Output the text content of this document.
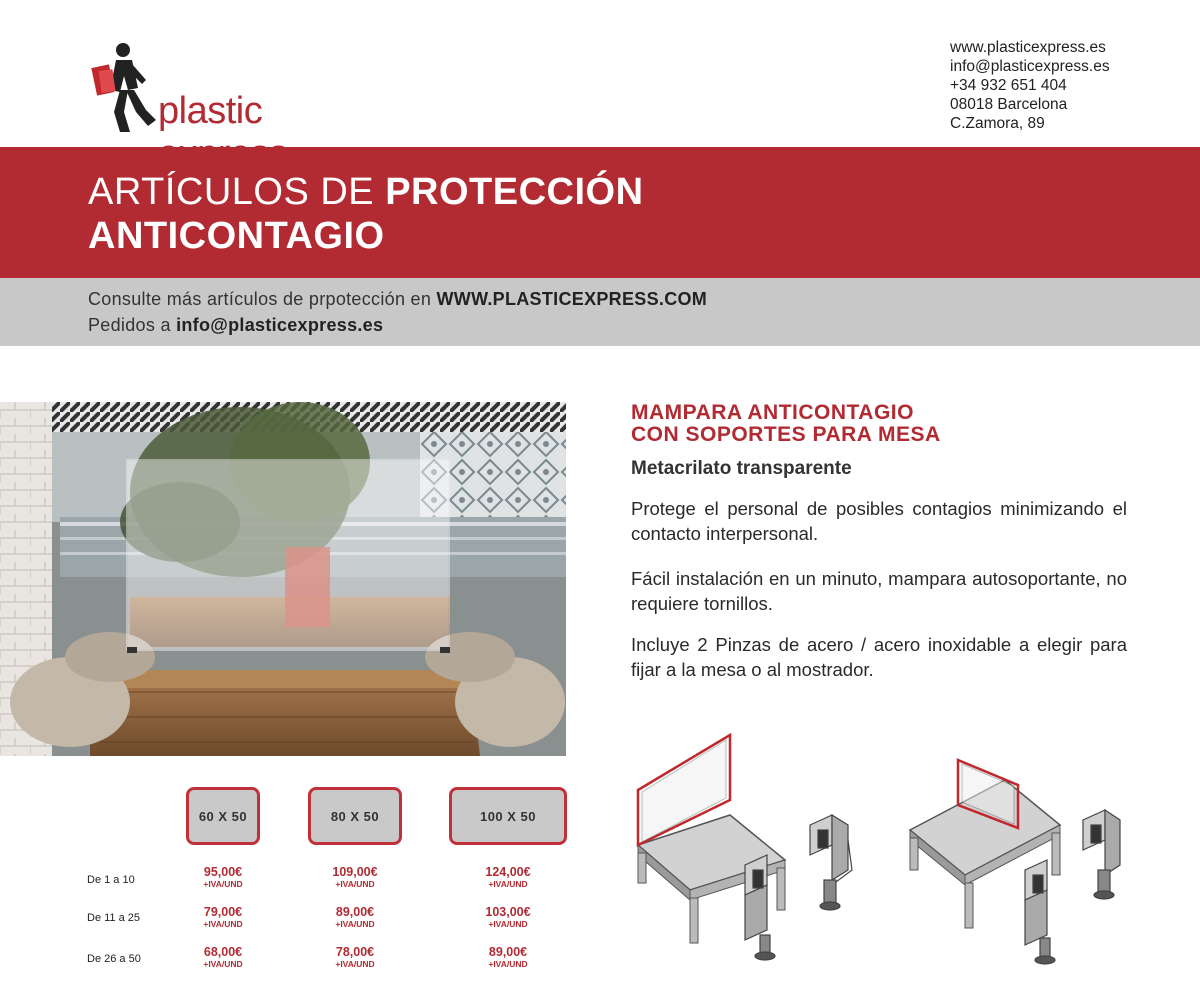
plastic
www.plasticexpress.es
info@plasticexpress.es
+34 932 651 404
08018 Barcelona
C.Zamora, 89
ARTÍCULOS DE PROTECCIÓN
ANTICONTAGIO
Consulte más artículos de prpotección en WWW.PLASTICEXPRESS.COM
Pedidos a info@plasticexpress.es
MAMPARA ANTICONTAGIO
CON SOPORTES PARA MESA
Metacrilato transparente
Protege el personal de posibles contagios minimizando el contacto interpersonal.
Fácil instalación en un minuto, mampara autosoportante, no requiere tornillos.
Incluye 2 Pinzas de acero / acero inoxidable a elegir para fijar a la mesa o al mostrador.
60 X 50	80 X 50	100 X 50
De 1 a 10
De 11 a 25
De 26 a 50
95,00€
+IVA/UND
109,00€
+IVA/UND
124,00€
+IVA/UND
79,00€
+IVA/UND
89,00€
+IVA/UND
103,00€
+IVA/UND
68,00€
+IVA/UND
78,00€
+IVA/UND
89,00€
+IVA/UND
